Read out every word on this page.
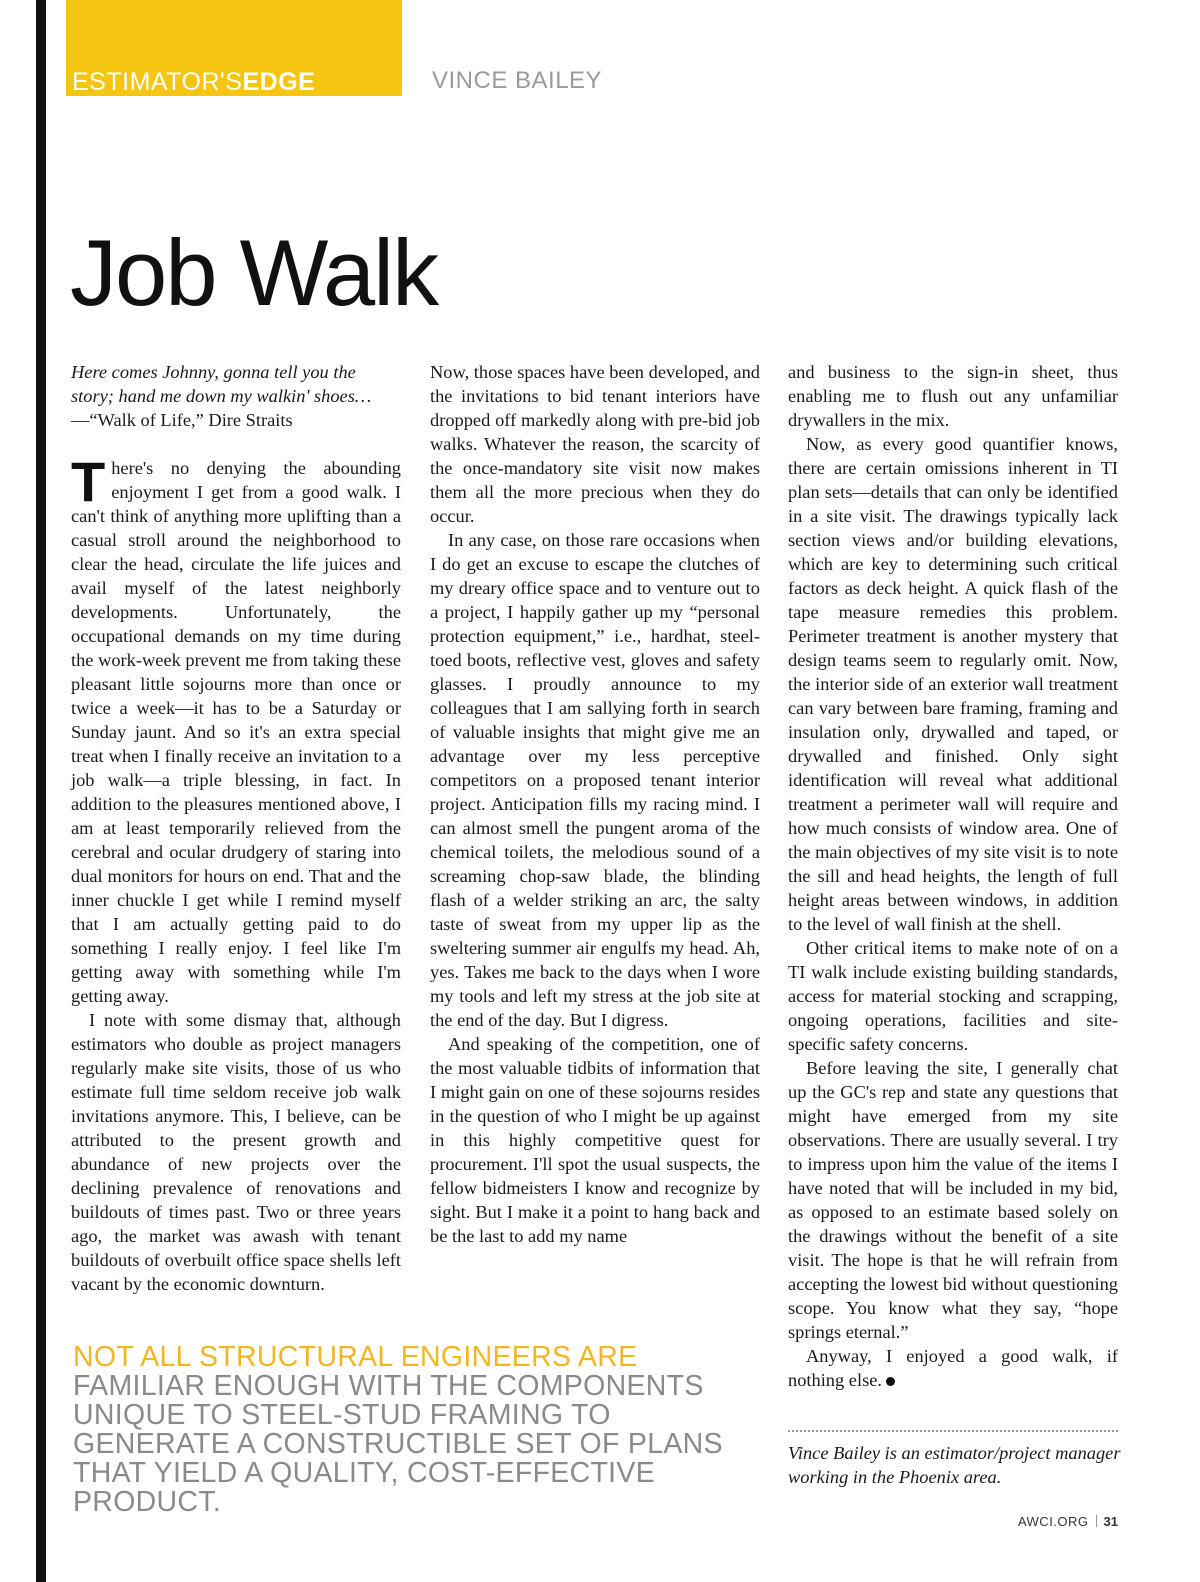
ESTIMATOR'SEDGE	VINCE BAILEY
Job Walk

Here comes Johnny, gonna tell you the story; hand me down my walkin' shoes…—“Walk of Life,” Dire Straits

There's no denying the abounding enjoyment I get from a good walk. I can't think of anything more uplifting than a casual stroll around the neighborhood to clear the head, circulate the life juices and avail myself of the latest neighborly developments. Unfortunately, the occupational demands on my time during the work-week prevent me from taking these pleasant little sojourns more than once or twice a week—it has to be a Saturday or Sunday jaunt. And so it's an extra special treat when I finally receive an invitation to a job walk—a triple blessing, in fact. In addition to the pleasures mentioned above, I am at least temporarily relieved from the cerebral and ocular drudgery of staring into dual monitors for hours on end. That and the inner chuckle I get while I remind myself that I am actually getting paid to do something I really enjoy. I feel like I'm getting away with something while I'm getting away.

I note with some dismay that, although estimators who double as project managers regularly make site visits, those of us who estimate full time seldom receive job walk invitations anymore. This, I believe, can be attributed to the present growth and abundance of new projects over the declining prevalence of renovations and buildouts of times past. Two or three years ago, the market was awash with tenant buildouts of overbuilt office space shells left vacant by the economic downturn.

Now, those spaces have been developed, and the invitations to bid tenant interiors have dropped off markedly along with pre-bid job walks. Whatever the reason, the scarcity of the once-mandatory site visit now makes them all the more precious when they do occur.

In any case, on those rare occasions when I do get an excuse to escape the clutches of my dreary office space and to venture out to a project, I happily gather up my “personal protection equipment,” i.e., hardhat, steel-toed boots, reflective vest, gloves and safety glasses. I proudly announce to my colleagues that I am sallying forth in search of valuable insights that might give me an advantage over my less perceptive competitors on a proposed tenant interior project. Anticipation fills my racing mind. I can almost smell the pungent aroma of the chemical toilets, the melodious sound of a screaming chop-saw blade, the blinding flash of a welder striking an arc, the salty taste of sweat from my upper lip as the sweltering summer air engulfs my head. Ah, yes. Takes me back to the days when I wore my tools and left my stress at the job site at the end of the day. But I digress.

And speaking of the competition, one of the most valuable tidbits of information that I might gain on one of these sojourns resides in the question of who I might be up against in this highly competitive quest for procurement. I'll spot the usual suspects, the fellow bidmeisters I know and recognize by sight. But I make it a point to hang back and be the last to add my name

and business to the sign-in sheet, thus enabling me to flush out any unfamiliar drywallers in the mix.

Now, as every good quantifier knows, there are certain omissions inherent in TI plan sets—details that can only be identified in a site visit. The drawings typically lack section views and/or building elevations, which are key to determining such critical factors as deck height. A quick flash of the tape measure remedies this problem. Perimeter treatment is another mystery that design teams seem to regularly omit. Now, the interior side of an exterior wall treatment can vary between bare framing, framing and insulation only, drywalled and taped, or drywalled and finished. Only sight identification will reveal what additional treatment a perimeter wall will require and how much consists of window area. One of the main objectives of my site visit is to note the sill and head heights, the length of full height areas between windows, in addition to the level of wall finish at the shell.

Other critical items to make note of on a TI walk include existing building standards, access for material stocking and scrapping, ongoing operations, facilities and site-specific safety concerns.

Before leaving the site, I generally chat up the GC's rep and state any questions that might have emerged from my site observations. There are usually several. I try to impress upon him the value of the items I have noted that will be included in my bid, as opposed to an estimate based solely on the drawings without the benefit of a site visit. The hope is that he will refrain from accepting the lowest bid without questioning scope. You know what they say, “hope springs eternal.”

Anyway, I enjoyed a good walk, if nothing else.

NOT ALL STRUCTURAL ENGINEERS ARE FAMILIAR ENOUGH WITH THE COMPONENTS UNIQUE TO STEEL-STUD FRAMING TO GENERATE A CONSTRUCTIBLE SET OF PLANS THAT YIELD A QUALITY, COST-EFFECTIVE PRODUCT.

Vince Bailey is an estimator/project manager working in the Phoenix area.

AWCI.ORG 31
